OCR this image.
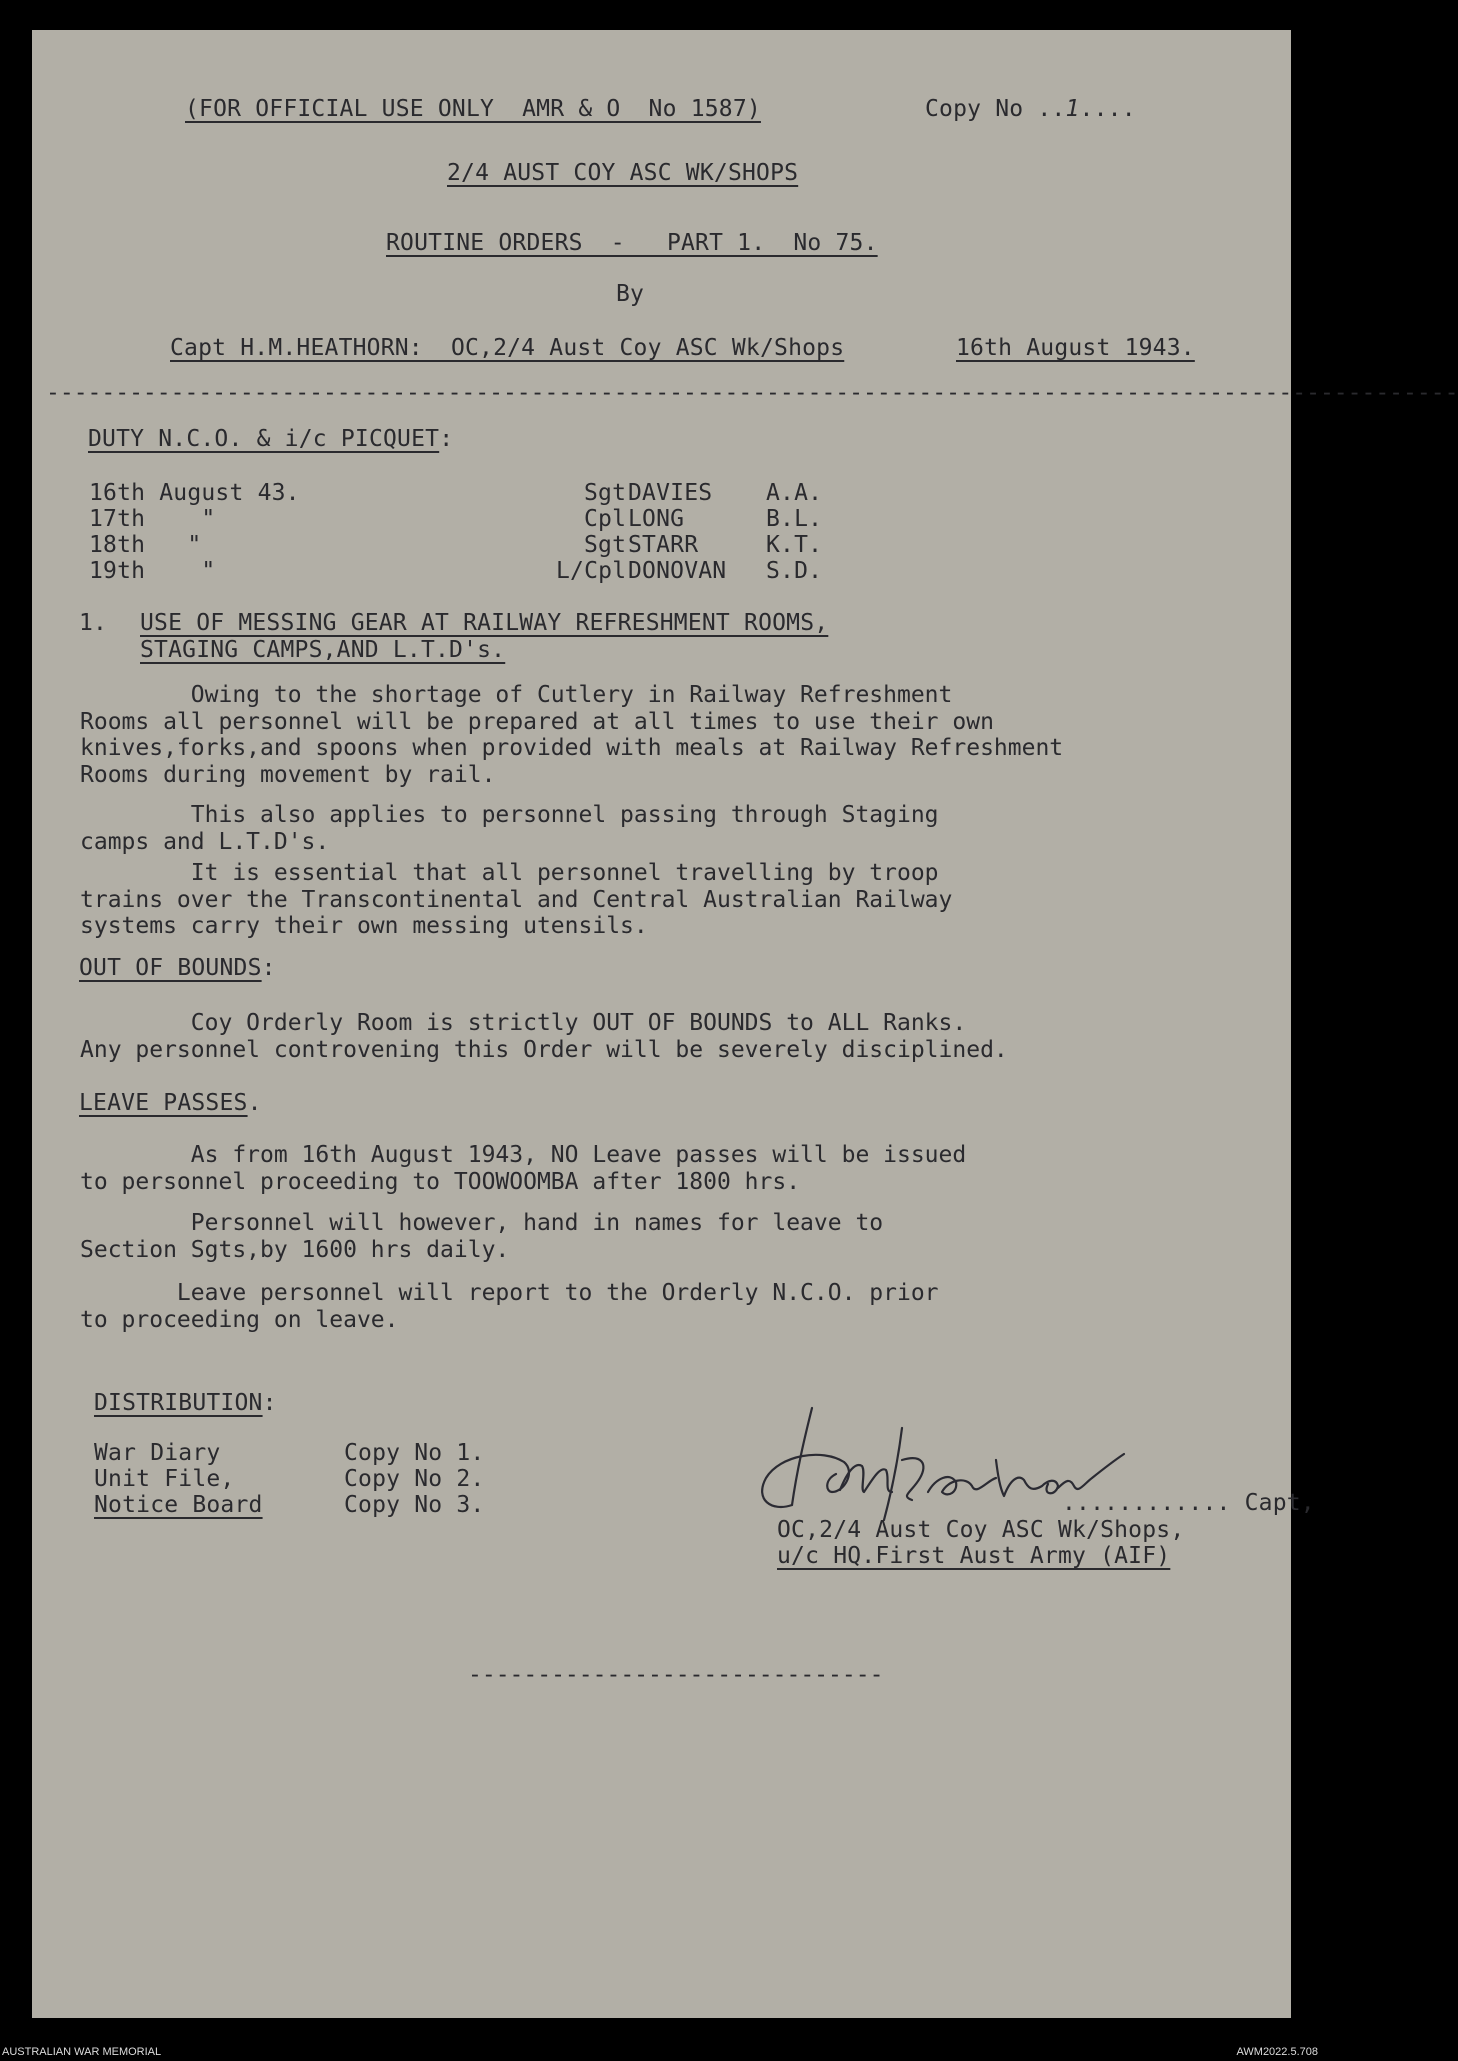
(FOR OFFICIAL USE ONLY  AMR & O  No 1587)	Copy No ..1....
2/4 AUST COY ASC WK/SHOPS
ROUTINE ORDERS  -   PART 1.  No 75.
By
Capt H.M.HEATHORN:  OC,2/4 Aust Coy ASC Wk/Shops	16th August 1943.
------------------------------------------------------------------------------------------------------
DUTY N.C.O. & i/c PICQUET:
16th August 43.	Sgt DAVIES A.A.
17th    "	Cpl LONG	B.L.
18th   "	Sgt STARR	K.T.
19th    "	L/Cpl DONOVAN S.D.
1. USE OF MESSING GEAR AT RAILWAY REFRESHMENT ROOMS,
STAGING CAMPS,AND L.T.D's.
Owing to the shortage of Cutlery in Railway Refreshment
Rooms all personnel will be prepared at all times to use their own
knives,forks,and spoons when provided with meals at Railway Refreshment
Rooms during movement by rail.
This also applies to personnel passing through Staging
camps and L.T.D's.
It is essential that all personnel travelling by troop
trains over the Transcontinental and Central Australian Railway
systems carry their own messing utensils.
OUT OF BOUNDS:
Coy Orderly Room is strictly OUT OF BOUNDS to ALL Ranks.
Any personnel controvening this Order will be severely disciplined.
LEAVE PASSES.
As from 16th August 1943, NO Leave passes will be issued
to personnel proceeding to TOOWOOMBA after 1800 hrs.
Personnel will however, hand in names for leave to
Section Sgts,by 1600 hrs daily.
Leave personnel will report to the Orderly N.C.O. prior
to proceeding on leave.
DISTRIBUTION:
War Diary	Copy No 1.
Unit File,	Copy No 2.
Notice Board	Copy No 3.	............ Capt,
OC,2/4 Aust Coy ASC Wk/Shops,
u/c HQ.First Aust Army (AIF)
------------------------------
AUSTRALIAN WAR MEMORIAL	AWM2022.5.708
